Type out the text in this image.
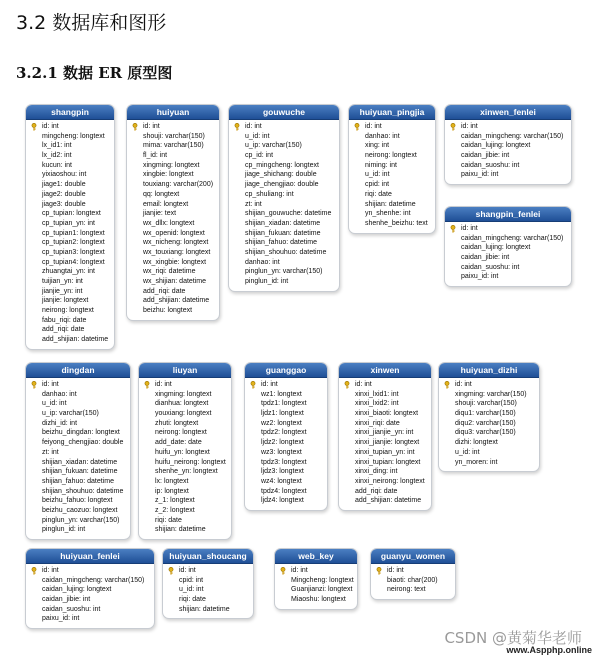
3.2 数据库和图形
3.2.1 数据 ER 原型图
shangpin
id: int
mingcheng: longtext
lx_id1: int
lx_id2: int
kucun: int
yixiaoshou: int
jiage1: double
jiage2: double
jiage3: double
cp_tupian: longtext
cp_tupian_yn: int
cp_tupian1: longtext
cp_tupian2: longtext
cp_tupian3: longtext
cp_tupian4: longtext
zhuangtai_yn: int
tuijian_yn: int
jianjie_yn: int
jianjie: longtext
neirong: longtext
fabu_riqi: date
add_riqi: date
add_shijian: datetime
huiyuan
id: int
shouji: varchar(150)
mima: varchar(150)
fl_id: int
xingming: longtext
xingbie: longtext
touxiang: varchar(200)
qq: longtext
email: longtext
jianjie: text
wx_dllx: longtext
wx_openid: longtext
wx_nicheng: longtext
wx_touxiang: longtext
wx_xingbie: longtext
wx_riqi: datetime
wx_shijian: datetime
add_riqi: date
add_shijian: datetime
beizhu: longtext
gouwuche
id: int
u_id: int
u_ip: varchar(150)
cp_id: int
cp_mingcheng: longtext
jiage_shichang: double
jiage_chengjiao: double
cp_shuliang: int
zt: int
shijian_gouwuche: datetime
shijian_xiadan: datetime
shijian_fukuan: datetime
shijian_fahuo: datetime
shijian_shouhuo: datetime
danhao: int
pinglun_yn: varchar(150)
pinglun_id: int
huiyuan_pingjia
id: int
danhao: int
xing: int
neirong: longtext
niming: int
u_id: int
cpid: int
riqi: date
shijian: datetime
yn_shenhe: int
shenhe_beizhu: text
xinwen_fenlei
id: int
caidan_mingcheng: varchar(150)
caidan_lujing: longtext
caidan_jibie: int
caidan_suoshu: int
paixu_id: int
shangpin_fenlei
id: int
caidan_mingcheng: varchar(150)
caidan_lujing: longtext
caidan_jibie: int
caidan_suoshu: int
paixu_id: int
dingdan
id: int
danhao: int
u_id: int
u_ip: varchar(150)
dizhi_id: int
beizhu_dingdan: longtext
feiyong_chengjiao: double
zt: int
shijian_xiadan: datetime
shijian_fukuan: datetime
shijian_fahuo: datetime
shijian_shouhuo: datetime
beizhu_fahuo: longtext
beizhu_caozuo: longtext
pinglun_yn: varchar(150)
pinglun_id: int
liuyan
id: int
xingming: longtext
dianhua: longtext
youxiang: longtext
zhuti: longtext
neirong: longtext
add_date: date
huifu_yn: longtext
huifu_neirong: longtext
shenhe_yn: longtext
lx: longtext
ip: longtext
z_1: longtext
z_2: longtext
riqi: date
shijian: datetime
guanggao
id: int
wz1: longtext
tpdz1: longtext
ljdz1: longtext
wz2: longtext
tpdz2: longtext
ljdz2: longtext
wz3: longtext
tpdz3: longtext
ljdz3: longtext
wz4: longtext
tpdz4: longtext
ljdz4: longtext
xinwen
id: int
xinxi_lxid1: int
xinxi_lxid2: int
xinxi_biaoti: longtext
xinxi_riqi: date
xinxi_jianjie_yn: int
xinxi_jianjie: longtext
xinxi_tupian_yn: int
xinxi_tupian: longtext
xinxi_ding: int
xinxi_neirong: longtext
add_riqi: date
add_shijian: datetime
huiyuan_dizhi
id: int
xingming: varchar(150)
shouji: varchar(150)
diqu1: varchar(150)
diqu2: varchar(150)
diqu3: varchar(150)
dizhi: longtext
u_id: int
yn_moren: int
huiyuan_fenlei
id: int
caidan_mingcheng: varchar(150)
caidan_lujing: longtext
caidan_jibie: int
caidan_suoshu: int
paixu_id: int
huiyuan_shoucang
id: int
cpid: int
u_id: int
riqi: date
shijian: datetime
web_key
id: int
Mingcheng: longtext
Guanjianzi: longtext
Miaoshu: longtext
guanyu_women
id: int
biaoti: char(200)
neirong: text
CSDN @黄菊华老师
www.Aspphp.online
